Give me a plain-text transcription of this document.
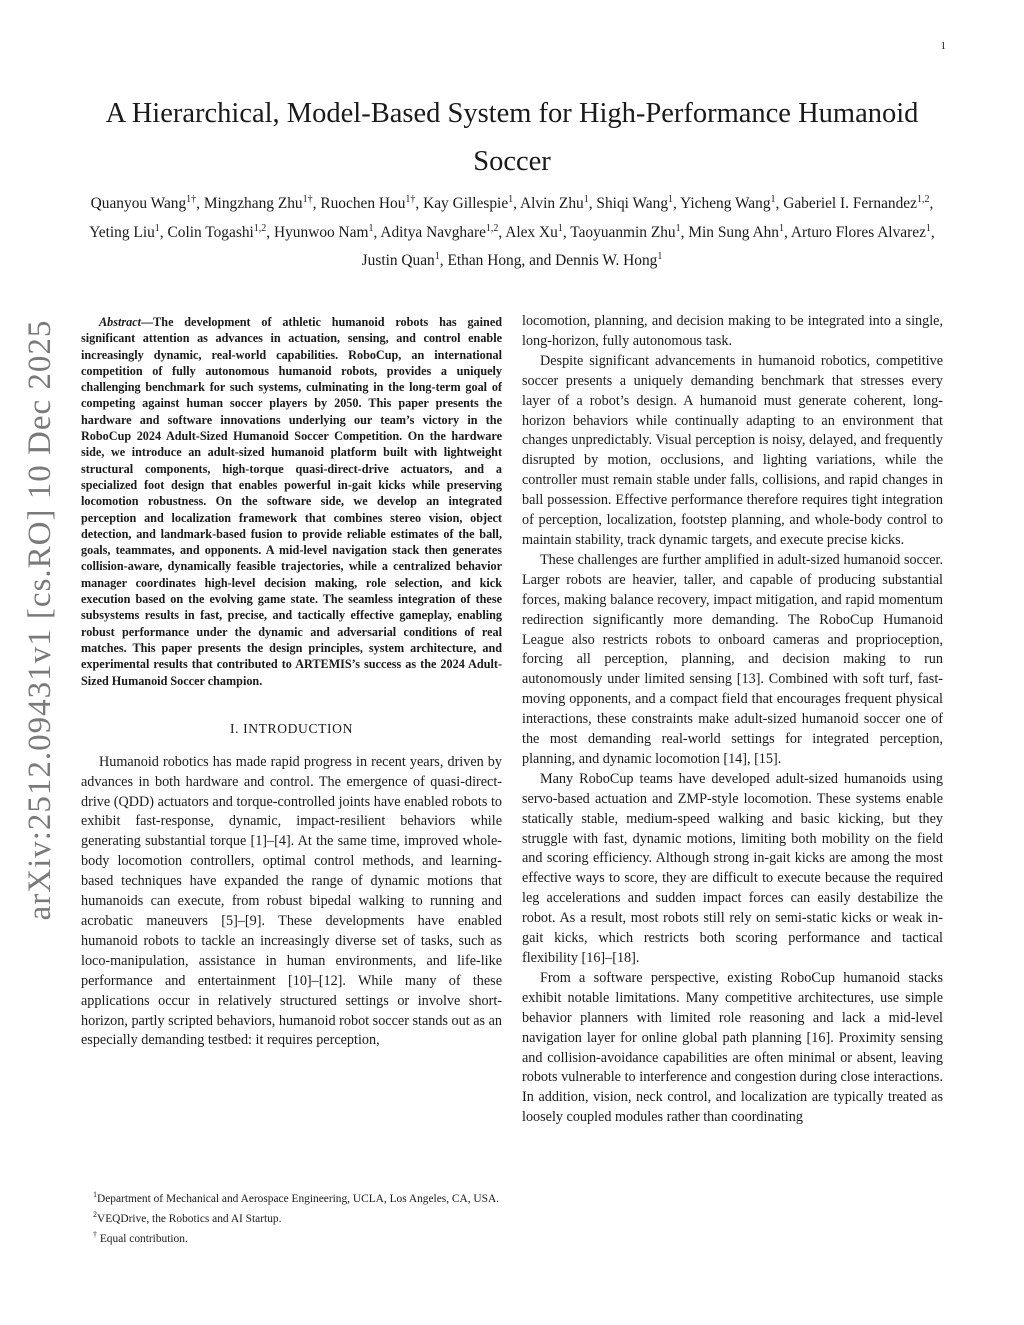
1
arXiv:2512.09431v1 [cs.RO] 10 Dec 2025
A Hierarchical, Model-Based System for High-Performance Humanoid Soccer
Quanyou Wang$^{1\dagger}$, Mingzhang Zhu$^{1\dagger}$, Ruochen Hou$^{1\dagger}$, Kay Gillespie$^1$, Alvin Zhu$^1$, Shiqi Wang$^1$, Yicheng Wang$^1$, Gaberiel I. Fernandez$^{1,2}$, Yeting Liu$^1$, Colin Togashi$^{1,2}$, Hyunwoo Nam$^1$, Aditya Navghare$^{1,2}$, Alex Xu$^1$, Taoyuanmin Zhu$^1$, Min Sung Ahn$^1$, Arturo Flores Alvarez$^1$, Justin Quan$^1$, Ethan Hong, and Dennis W. Hong$^1$

Abstract—The development of athletic humanoid robots has gained significant attention as advances in actuation, sensing, and control enable increasingly dynamic, real-world capabilities. RoboCup, an international competition of fully autonomous humanoid robots, provides a uniquely challenging benchmark for such systems, culminating in the long-term goal of competing against human soccer players by 2050. This paper presents the hardware and software innovations underlying our team’s victory in the RoboCup 2024 Adult-Sized Humanoid Soccer Competition. On the hardware side, we introduce an adult-sized humanoid platform built with lightweight structural components, high-torque quasi-direct-drive actuators, and a specialized foot design that enables powerful in-gait kicks while preserving locomotion robustness. On the software side, we develop an integrated perception and localization framework that combines stereo vision, object detection, and landmark-based fusion to provide reliable estimates of the ball, goals, teammates, and opponents. A mid-level navigation stack then generates collision-aware, dynamically feasible trajectories, while a centralized behavior manager coordinates high-level decision making, role selection, and kick execution based on the evolving game state. The seamless integration of these subsystems results in fast, precise, and tactically effective gameplay, enabling robust performance under the dynamic and adversarial conditions of real matches. This paper presents the design principles, system architecture, and experimental results that contributed to ARTEMIS’s success as the 2024 Adult-Sized Humanoid Soccer champion.

I. INTRODUCTION

Humanoid robotics has made rapid progress in recent years, driven by advances in both hardware and control. The emergence of quasi-direct-drive (QDD) actuators and torque-controlled joints have enabled robots to exhibit fast-response, dynamic, impact-resilient behaviors while generating substantial torque [1]–[4]. At the same time, improved whole-body locomotion controllers, optimal control methods, and learning-based techniques have expanded the range of dynamic motions that humanoids can execute, from robust bipedal walking to running and acrobatic maneuvers [5]–[9]. These developments have enabled humanoid robots to tackle an increasingly diverse set of tasks, such as loco-manipulation, assistance in human environments, and life-like performance and entertainment [10]–[12]. While many of these applications occur in relatively structured settings or involve short-horizon, partly scripted behaviors, humanoid robot soccer stands out as an especially demanding testbed: it requires perception,

locomotion, planning, and decision making to be integrated into a single, long-horizon, fully autonomous task.

Despite significant advancements in humanoid robotics, competitive soccer presents a uniquely demanding benchmark that stresses every layer of a robot’s design. A humanoid must generate coherent, long-horizon behaviors while continually adapting to an environment that changes unpredictably. Visual perception is noisy, delayed, and frequently disrupted by motion, occlusions, and lighting variations, while the controller must remain stable under falls, collisions, and rapid changes in ball possession. Effective performance therefore requires tight integration of perception, localization, footstep planning, and whole-body control to maintain stability, track dynamic targets, and execute precise kicks.

These challenges are further amplified in adult-sized humanoid soccer. Larger robots are heavier, taller, and capable of producing substantial forces, making balance recovery, impact mitigation, and rapid momentum redirection significantly more demanding. The RoboCup Humanoid League also restricts robots to onboard cameras and proprioception, forcing all perception, planning, and decision making to run autonomously under limited sensing [13]. Combined with soft turf, fast-moving opponents, and a compact field that encourages frequent physical interactions, these constraints make adult-sized humanoid soccer one of the most demanding real-world settings for integrated perception, planning, and dynamic locomotion [14], [15].

Many RoboCup teams have developed adult-sized humanoids using servo-based actuation and ZMP-style locomotion. These systems enable statically stable, medium-speed walking and basic kicking, but they struggle with fast, dynamic motions, limiting both mobility on the field and scoring efficiency. Although strong in-gait kicks are among the most effective ways to score, they are difficult to execute because the required leg accelerations and sudden impact forces can easily destabilize the robot. As a result, most robots still rely on semi-static kicks or weak in-gait kicks, which restricts both scoring performance and tactical flexibility [16]–[18].

From a software perspective, existing RoboCup humanoid stacks exhibit notable limitations. Many competitive architectures, use simple behavior planners with limited role reasoning and lack a mid-level navigation layer for online global path planning [16]. Proximity sensing and collision-avoidance capabilities are often minimal or absent, leaving robots vulnerable to interference and congestion during close interactions. In addition, vision, neck control, and localization are typically treated as loosely coupled modules rather than coordinating

$^1$Department of Mechanical and Aerospace Engineering, UCLA, Los Angeles, CA, USA.

$^2$VEQDrive, the Robotics and AI Startup.

† Equal contribution.
